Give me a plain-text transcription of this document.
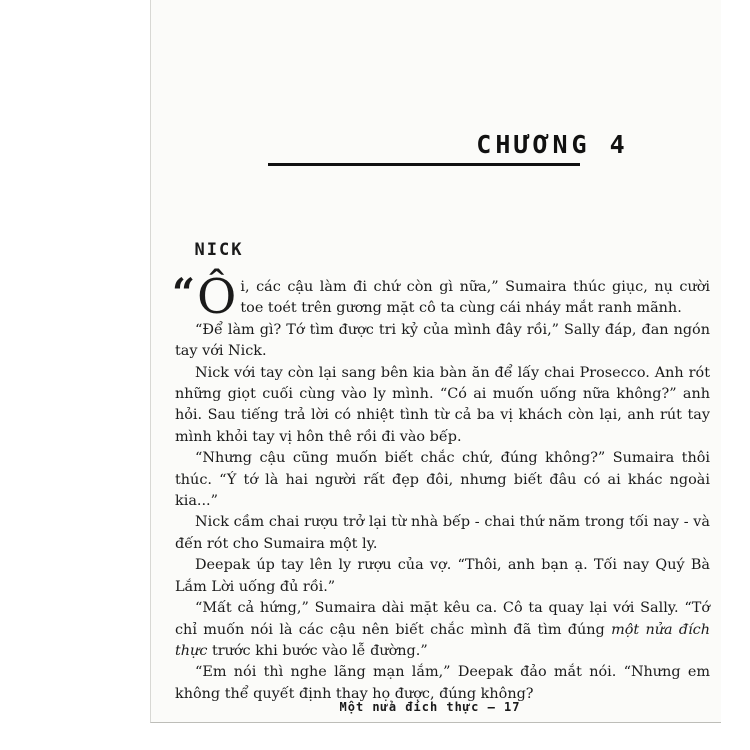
CHƯƠNG 4
NICK

“ Ô i, các cậu làm đi chứ còn gì nữa,” Sumaira thúc giục, nụ cười toe toét trên gương mặt cô ta cùng cái nháy mắt ranh mãnh.

“Để làm gì? Tớ tìm được tri kỷ của mình đây rồi,” Sally đáp, đan ngón tay với Nick.

Nick với tay còn lại sang bên kia bàn ăn để lấy chai Prosecco. Anh rót những giọt cuối cùng vào ly mình. “Có ai muốn uống nữa không?” anh hỏi. Sau tiếng trả lời có nhiệt tình từ cả ba vị khách còn lại, anh rút tay mình khỏi tay vị hôn thê rồi đi vào bếp.

“Nhưng cậu cũng muốn biết chắc chứ, đúng không?” Sumaira thôi thúc. “Ý tớ là hai người rất đẹp đôi, nhưng biết đâu có ai khác ngoài kia...”

Nick cầm chai rượu trở lại từ nhà bếp - chai thứ năm trong tối nay - và đến rót cho Sumaira một ly.

Deepak úp tay lên ly rượu của vợ. “Thôi, anh bạn ạ. Tối nay Quý Bà Lắm Lời uống đủ rồi.”

“Mất cả hứng,” Sumaira dài mặt kêu ca. Cô ta quay lại với Sally. “Tớ chỉ muốn nói là các cậu nên biết chắc mình đã tìm đúng một nửa đích thực trước khi bước vào lễ đường.”

“Em nói thì nghe lãng mạn lắm,” Deepak đảo mắt nói. “Nhưng em không thể quyết định thay họ được, đúng không?

Một nửa đích thực – 17
